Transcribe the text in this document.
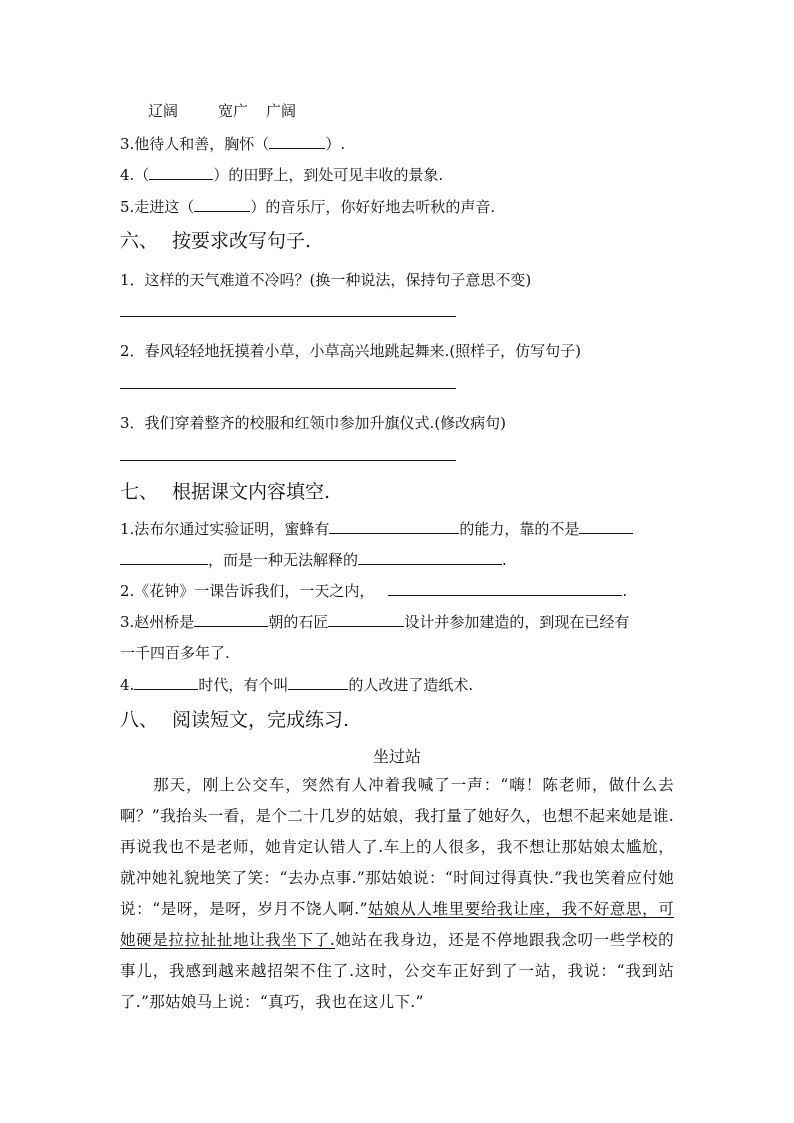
辽阔	宽广 广阔
3.他待人和善，胸怀（	）.
4.（	）的田野上，到处可见丰收的景象.
5.走进这（	）的音乐厅，你好好地去听秋的声音.
六、 按要求改写句子.
1．这样的天气难道不冷吗？(换一种说法，保持句子意思不变)
2．春风轻轻地抚摸着小草，小草高兴地跳起舞来.(照样子，仿写句子)
3．我们穿着整齐的校服和红领巾参加升旗仪式.(修改病句)
七、 根据课文内容填空.
1.法布尔通过实验证明，蜜蜂有	的能力，靠的不是
，而是一种无法解释的	.
2.《花钟》一课告诉我们，一天之内，	.
3.赵州桥是	朝的石匠	设计并参加建造的，到现在已经有
一千四百多年了.
4.	时代，有个叫	的人改进了造纸术.
八、 阅读短文，完成练习.
坐过站

　　那天，刚上公交车，突然有人冲着我喊了一声：“嗨！陈老师，做什么去啊？”我抬头一看，是个二十几岁的姑娘，我打量了她好久，也想不起来她是谁.再说我也不是老师，她肯定认错人了.车上的人很多，我不想让那姑娘太尴尬，就冲她礼貌地笑了笑：“去办点事.”那姑娘说：“时间过得真快.”我也笑着应付她说：“是呀，是呀，岁月不饶人啊.”姑娘从人堆里要给我让座，我不好意思，可她硬是拉拉扯扯地让我坐下了.她站在我身边，还是不停地跟我念叨一些学校的事儿，我感到越来越招架不住了.这时，公交车正好到了一站，我说：“我到站了.”那姑娘马上说：“真巧，我也在这儿下.”
